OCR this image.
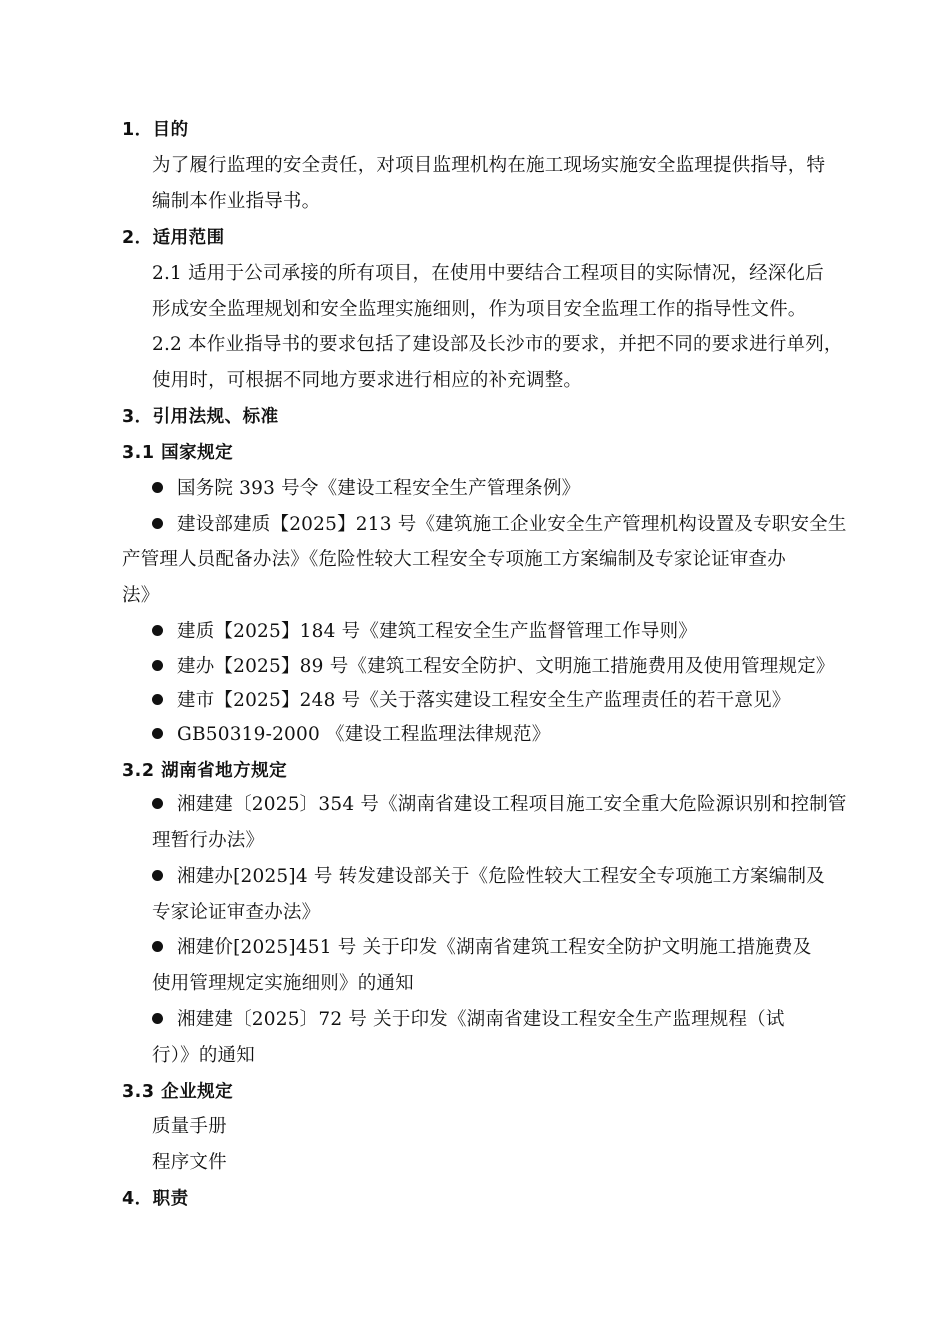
1．目的
为了履行监理的安全责任，对项目监理机构在施工现场实施安全监理提供指导，特
编制本作业指导书。
2．适用范围
2.1 适用于公司承接的所有项目，在使用中要结合工程项目的实际情况，经深化后
形成安全监理规划和安全监理实施细则，作为项目安全监理工作的指导性文件。
2.2 本作业指导书的要求包括了建设部及长沙市的要求，并把不同的要求进行单列，
使用时，可根据不同地方要求进行相应的补充调整。
3．引用法规、标准
3.1 国家规定
国务院 393 号令《建设工程安全生产管理条例》
建设部建质【2025】213 号《建筑施工企业安全生产管理机构设置及专职安全生
产管理人员配备办法》《危险性较大工程安全专项施工方案编制及专家论证审查办
法》
建质【2025】184 号《建筑工程安全生产监督管理工作导则》
建办【2025】89 号《建筑工程安全防护、文明施工措施费用及使用管理规定》
建市【2025】248 号《关于落实建设工程安全生产监理责任的若干意见》
GB50319-2000 《建设工程监理法律规范》
3.2 湖南省地方规定
湘建建〔2025〕354 号《湖南省建设工程项目施工安全重大危险源识别和控制管
理暂行办法》
湘建办[2025]4 号 转发建设部关于《危险性较大工程安全专项施工方案编制及
专家论证审查办法》
湘建价[2025]451 号 关于印发《湖南省建筑工程安全防护文明施工措施费及
使用管理规定实施细则》的通知
湘建建〔2025〕72 号 关于印发《湖南省建设工程安全生产监理规程（试
行）》的通知
3.3 企业规定
质量手册
程序文件
4．职责
